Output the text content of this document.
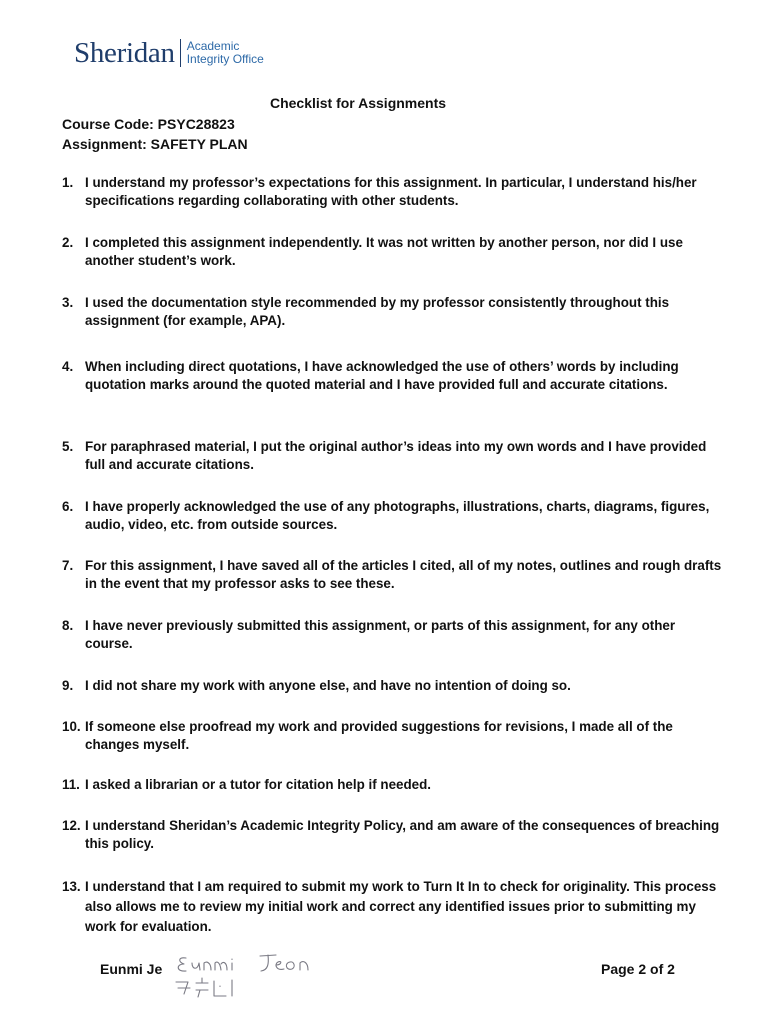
Sheridan Academic
Integrity Office
Checklist for Assignments
Course Code: PSYC28823
Assignment: SAFETY PLAN
1. I understand my professor’s expectations for this assignment. In particular, I understand his/her specifications regarding collaborating with other students.
2. I completed this assignment independently. It was not written by another person, nor did I use another student’s work.
3. I used the documentation style recommended by my professor consistently throughout this assignment (for example, APA).
4. When including direct quotations, I have acknowledged the use of others’ words by including quotation marks around the quoted material and I have provided full and accurate citations.
5. For paraphrased material, I put the original author’s ideas into my own words and I have provided full and accurate citations.
6. I have properly acknowledged the use of any photographs, illustrations, charts, diagrams, figures, audio, video, etc. from outside sources.
7. For this assignment, I have saved all of the articles I cited, all of my notes, outlines and rough drafts in the event that my professor asks to see these.
8. I have never previously submitted this assignment, or parts of this assignment, for any other course.
9. I did not share my work with anyone else, and have no intention of doing so.
10. If someone else proofread my work and provided suggestions for revisions, I made all of the changes myself.
11. I asked a librarian or a tutor for citation help if needed.
12. I understand Sheridan’s Academic Integrity Policy, and am aware of the consequences of breaching this policy.
13. I understand that I am required to submit my work to Turn It In to check for originality. This process also allows me to review my initial work and correct any identified issues prior to submitting my work for evaluation.
Eunmi Je	Page 2 of 2
